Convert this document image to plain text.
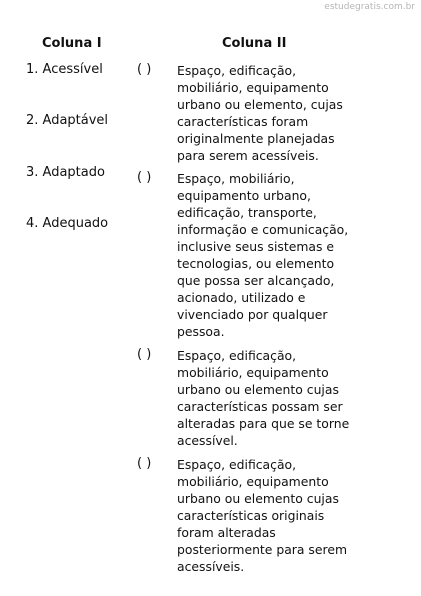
estudegratis.com.br
Coluna I	Coluna II
1. Acessível
2. Adaptável
3. Adaptado
4. Adequado
( ) Espaço, edificação,
mobiliário, equipamento
urbano ou elemento, cujas
características foram
originalmente planejadas
para serem acessíveis.
( ) Espaço, mobiliário,
equipamento urbano,
edificação, transporte,
informação e comunicação,
inclusive seus sistemas e
tecnologias, ou elemento
que possa ser alcançado,
acionado, utilizado e
vivenciado por qualquer
pessoa.
( ) Espaço, edificação,
mobiliário, equipamento
urbano ou elemento cujas
características possam ser
alteradas para que se torne
acessível.
( ) Espaço, edificação,
mobiliário, equipamento
urbano ou elemento cujas
características originais
foram alteradas
posteriormente para serem
acessíveis.
